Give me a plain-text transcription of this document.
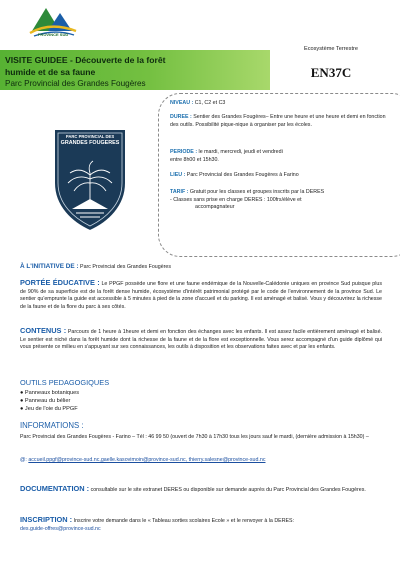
PROVINCE SUD
VISITE GUIDEE - Découverte de la forêt
humide et de sa faune
Parc Provincial des Grandes Fougères
Ecosystème Terrestre
EN37C
PARC PROVINCIAL DES
GRANDES FOUGERES
NIVEAU : C1, C2 et C3
DUREE : Sentier des Grandes Fougères– Entre une heure et une heure et demi en fonction des outils. Possibilité pique-nique à organiser par les écoles.
PERIODE : le mardi, mercredi, jeudi et vendredi
entre 8h00 et 15h30.
LIEU : Parc Provincial des Grandes Fougères à Farino
TARIF : Gratuit pour les classes et groupes inscrits par la DERES
- Classes sans prise en charge DERES : 100frs/élève et
accompagnateur
À L'INITIATIVE DE : Parc Provincial des Grandes Fougères
PORTÉE ÉDUCATIVE : Le PPGF possède une flore et une faune endémique de la Nouvelle-Calédonie uniques en province Sud puisque plus de 90% de sa superficie est de la forêt dense humide, écosystème d'intérêt patrimonial protégé par le code de l'environnement de la province Sud. Le sentier qu'emprunte la guide est accessible à 5 minutes à pied de la zone d'accueil et du parking. Il est aménagé et balisé. Vous y découvrirez la richesse de la faune et de la flore du parc à ses côtés.
CONTENUS : Parcours de 1 heure à 1heure et demi en fonction des échanges avec les enfants. Il est assez facile entièrement aménagé et balisé. Le sentier est niché dans la forêt humide dont la richesse de la faune et de la flore est exceptionnelle. Vous serez accompagné d'un guide diplômé qui vous présente ce milieu en s'appuyant sur ses connaissances, les outils à disposition et les observations faites avec et par les enfants.
OUTILS PEDAGOGIQUES
● Panneaux botaniques
● Panneau du bélier
● Jeu de l'oie du PPGF
INFORMATIONS :
Parc Provincial des Grandes Fougères - Farino – Tél : 46 99 50 (ouvert de 7h30 à 17h30 tous les jours sauf le mardi, (dernière admission à 15h30) –
@: accueil.ppgf@province-sud.nc,gaelle.kasovimoin@province-sud.nc, thierry.salesne@province-sud.nc
DOCUMENTATION : consultable sur le site extranet DERES ou disponible sur demande auprès du Parc Provincial des Grandes Fougères.
INSCRIPTION : Inscrire votre demande dans le « Tableau sorties scolaires Ecole » et le renvoyer à la DERES:
des.guide-offres@province-sud.nc
